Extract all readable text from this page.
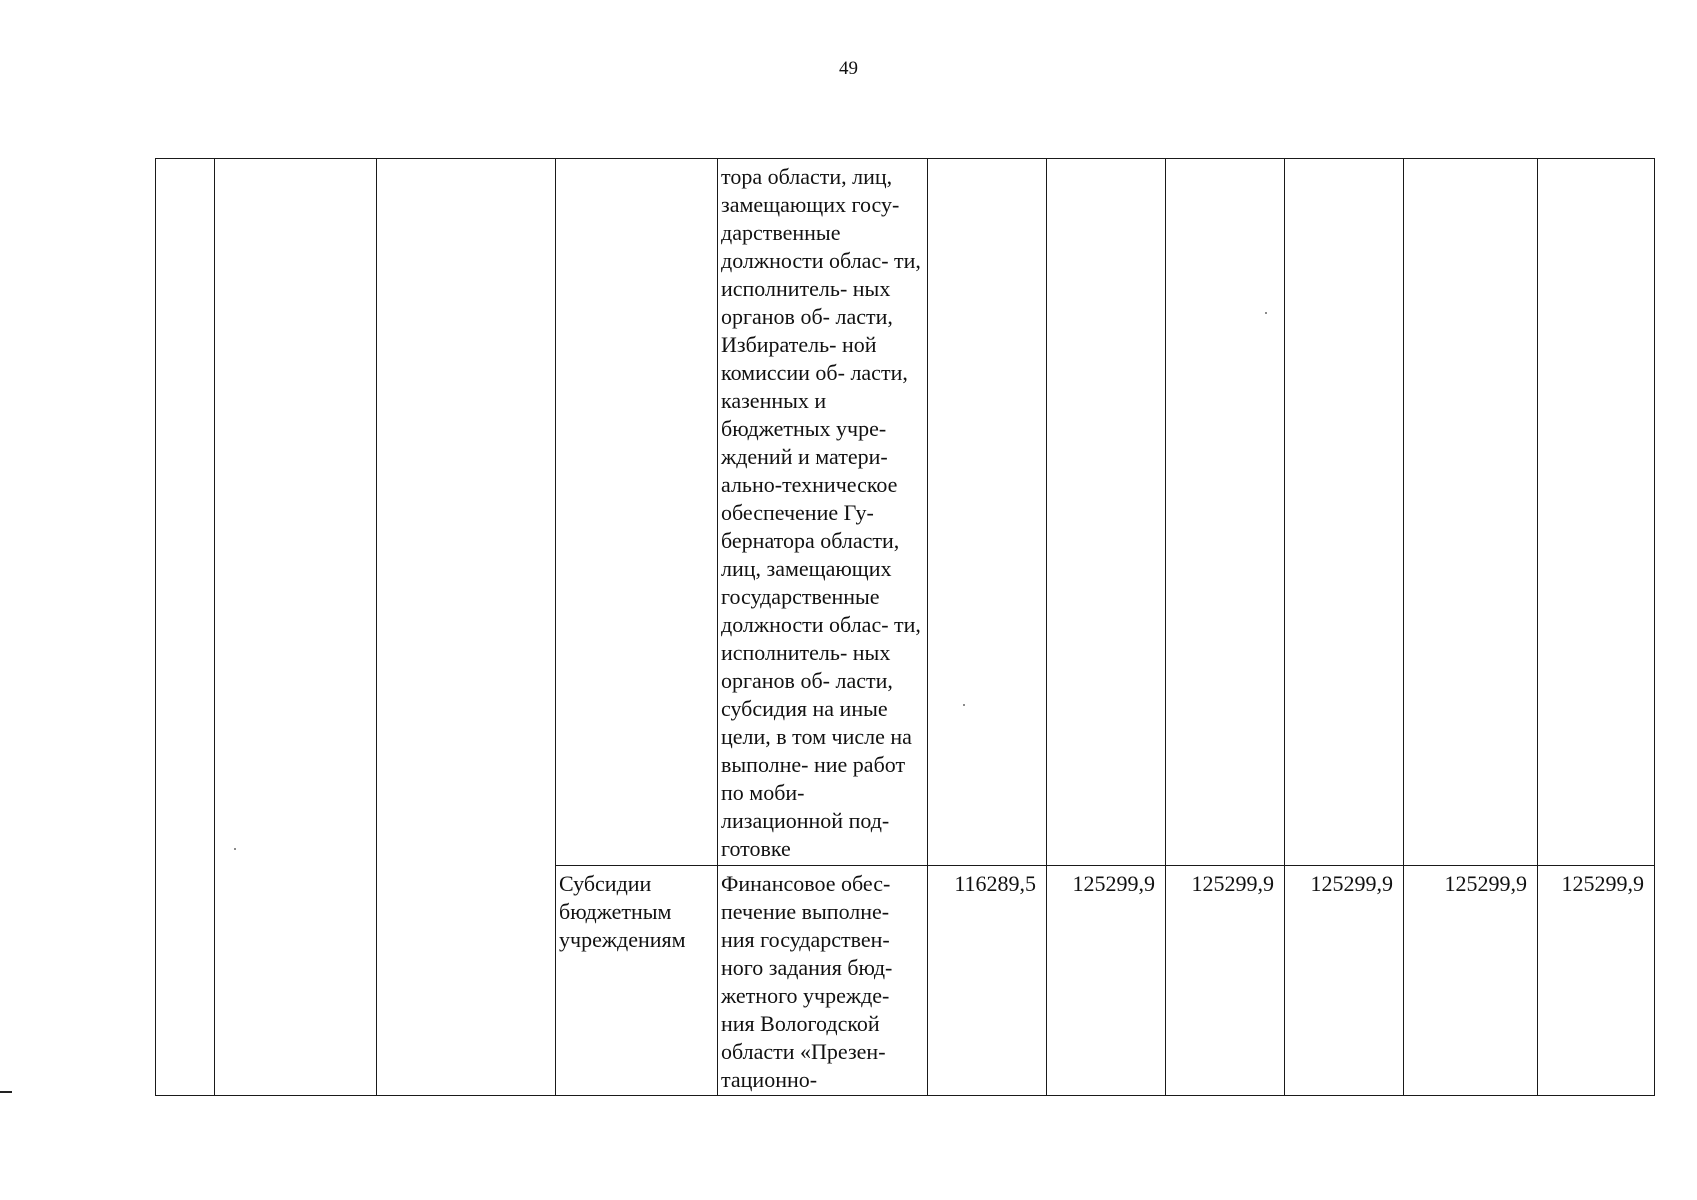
49

				тора области, лиц, замещающих госу- дарственные должности облас- ти, исполнитель- ных органов об- ласти, Избиратель- ной комиссии об- ласти, казенных и бюджетных учре- ждений и матери- ально-техническое обеспечение Гу- бернатора области, лиц, замещающих государственные должности облас- ти, исполнитель- ных органов об- ласти, субсидия на иные цели, в том числе на выполне- ние работ по моби- лизационной под- готовке						

			Субсидии бюджетным учреждениям	Финансовое обес- печение выполне- ния государствен- ного задания бюд- жетного учрежде- ния Вологодской области «Презен- тационно-	116289,5	125299,9	125299,9	125299,9	125299,9	125299,9
